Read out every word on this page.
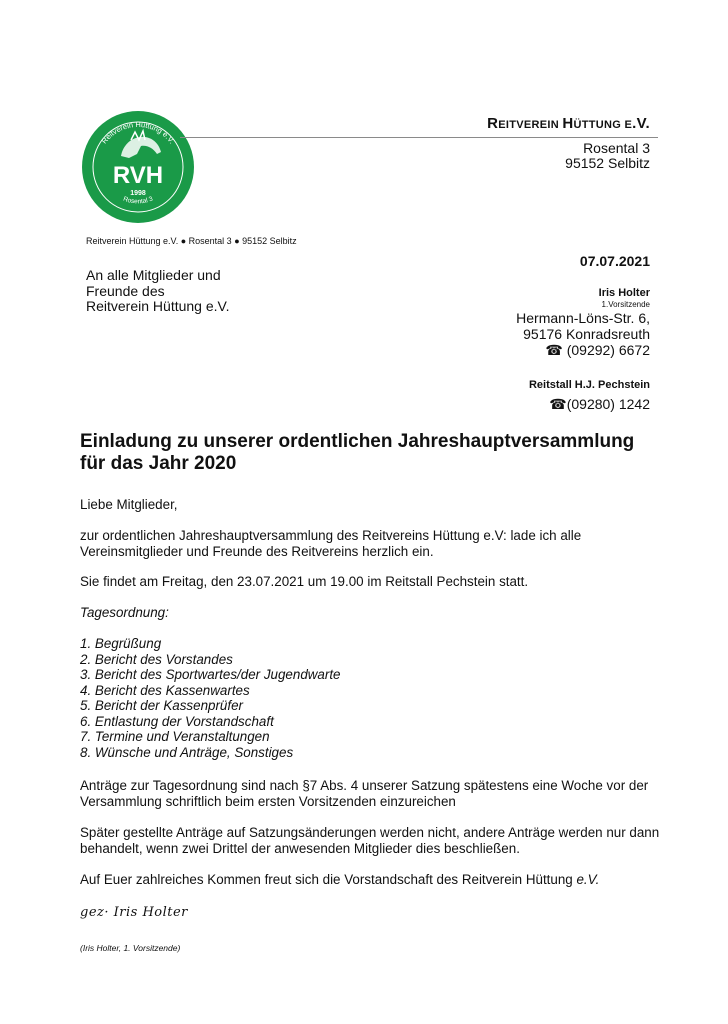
Reitverein Hüttung e.V.
Rosental 3
RVH
1998
REITVEREIN HÜTTUNG E.V.
Rosental 3
95152 Selbitz
Reitverein Hüttung e.V. ● Rosental 3 ● 95152 Selbitz
An alle Mitglieder und
Freunde des
Reitverein Hüttung e.V.
07.07.2021
Iris Holter
1.Vorsitzende
Hermann-Löns-Str. 6,
95176 Konradsreuth
☎ (09292) 6672
Reitstall H.J. Pechstein
☎(09280) 1242
Einladung zu unserer ordentlichen Jahreshauptversammlung
für das Jahr 2020
Liebe Mitglieder,
zur ordentlichen Jahreshauptversammlung des Reitvereins Hüttung e.V: lade ich alle Vereinsmitglieder und Freunde des Reitvereins herzlich ein.
Sie findet am Freitag, den 23.07.2021 um 19.00 im Reitstall Pechstein statt.
Tagesordnung:
1. Begrüßung
2. Bericht des Vorstandes
3. Bericht des Sportwartes/der Jugendwarte
4. Bericht des Kassenwartes
5. Bericht der Kassenprüfer
6. Entlastung der Vorstandschaft
7. Termine und Veranstaltungen
8. Wünsche und Anträge, Sonstiges
Anträge zur Tagesordnung sind nach §7 Abs. 4 unserer Satzung spätestens eine Woche vor der Versammlung schriftlich beim ersten Vorsitzenden einzureichen
Später gestellte Anträge auf Satzungsänderungen werden nicht, andere Anträge werden nur dann behandelt, wenn zwei Drittel der anwesenden Mitglieder dies beschließen.
Auf Euer zahlreiches Kommen freut sich die Vorstandschaft des Reitverein Hüttung e.V.
gez· Iris Holter
(Iris Holter, 1. Vorsitzende)
